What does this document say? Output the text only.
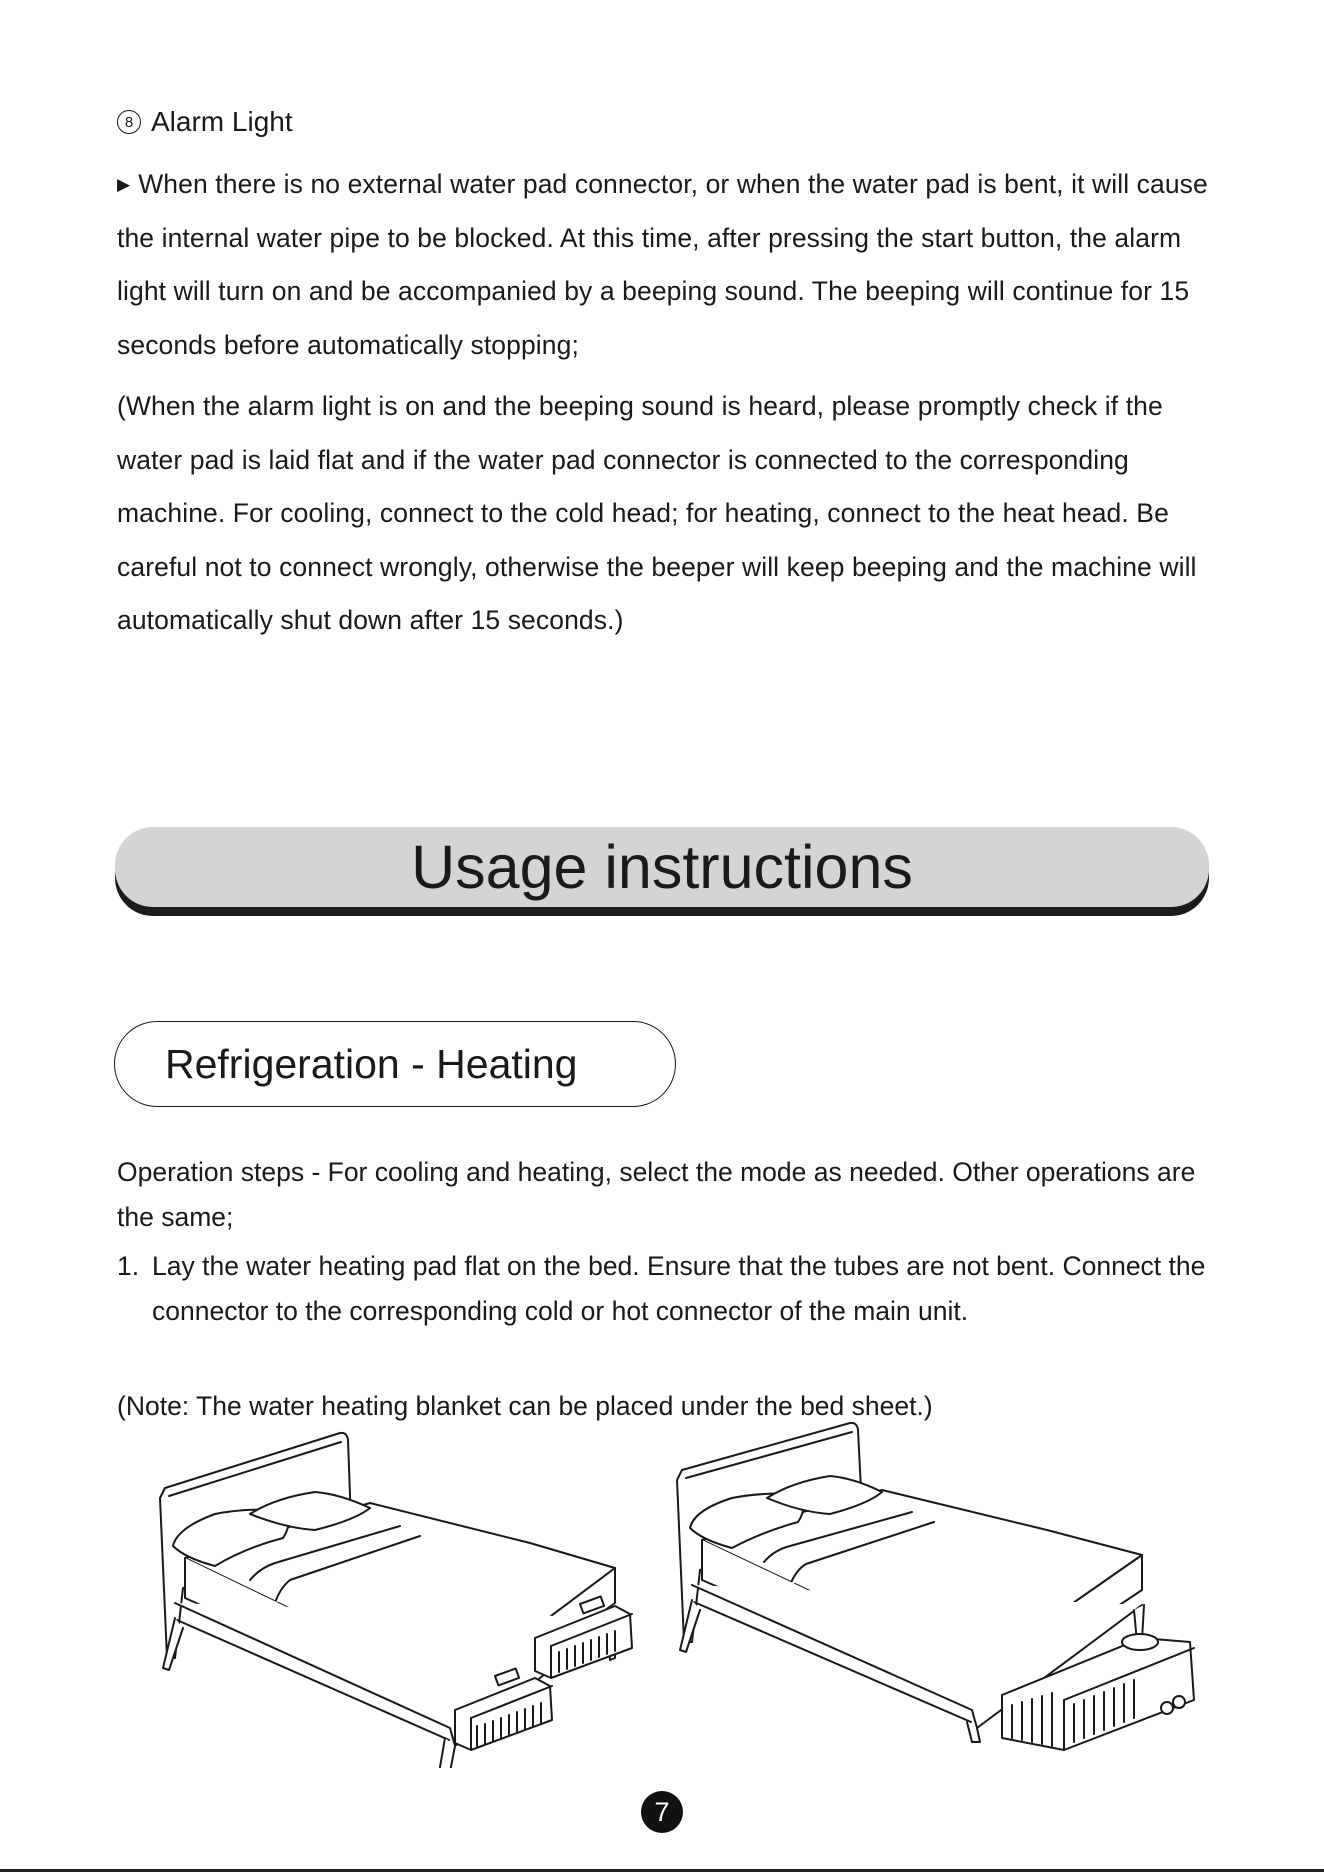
8 Alarm Light
▶ When there is no external water pad connector, or when the water pad is bent, it will cause the internal water pipe to be blocked. At this time, after pressing the start button, the alarm light will turn on and be accompanied by a beeping sound. The beeping will continue for 15 seconds before automatically stopping;
(When the alarm light is on and the beeping sound is heard, please promptly check if the water pad is laid flat and if the water pad connector is connected to the corresponding machine. For cooling, connect to the cold head; for heating, connect to the heat head. Be careful not to connect wrongly, otherwise the beeper will keep beeping and the machine will automatically shut down after 15 seconds.)
Usage instructions
Refrigeration - Heating
Operation steps - For cooling and heating, select the mode as needed. Other operations are the same;
1. Lay the water heating pad flat on the bed. Ensure that the tubes are not bent. Connect the connector to the corresponding cold or hot connector of the main unit.
(Note: The water heating blanket can be placed under the bed sheet.)
7
